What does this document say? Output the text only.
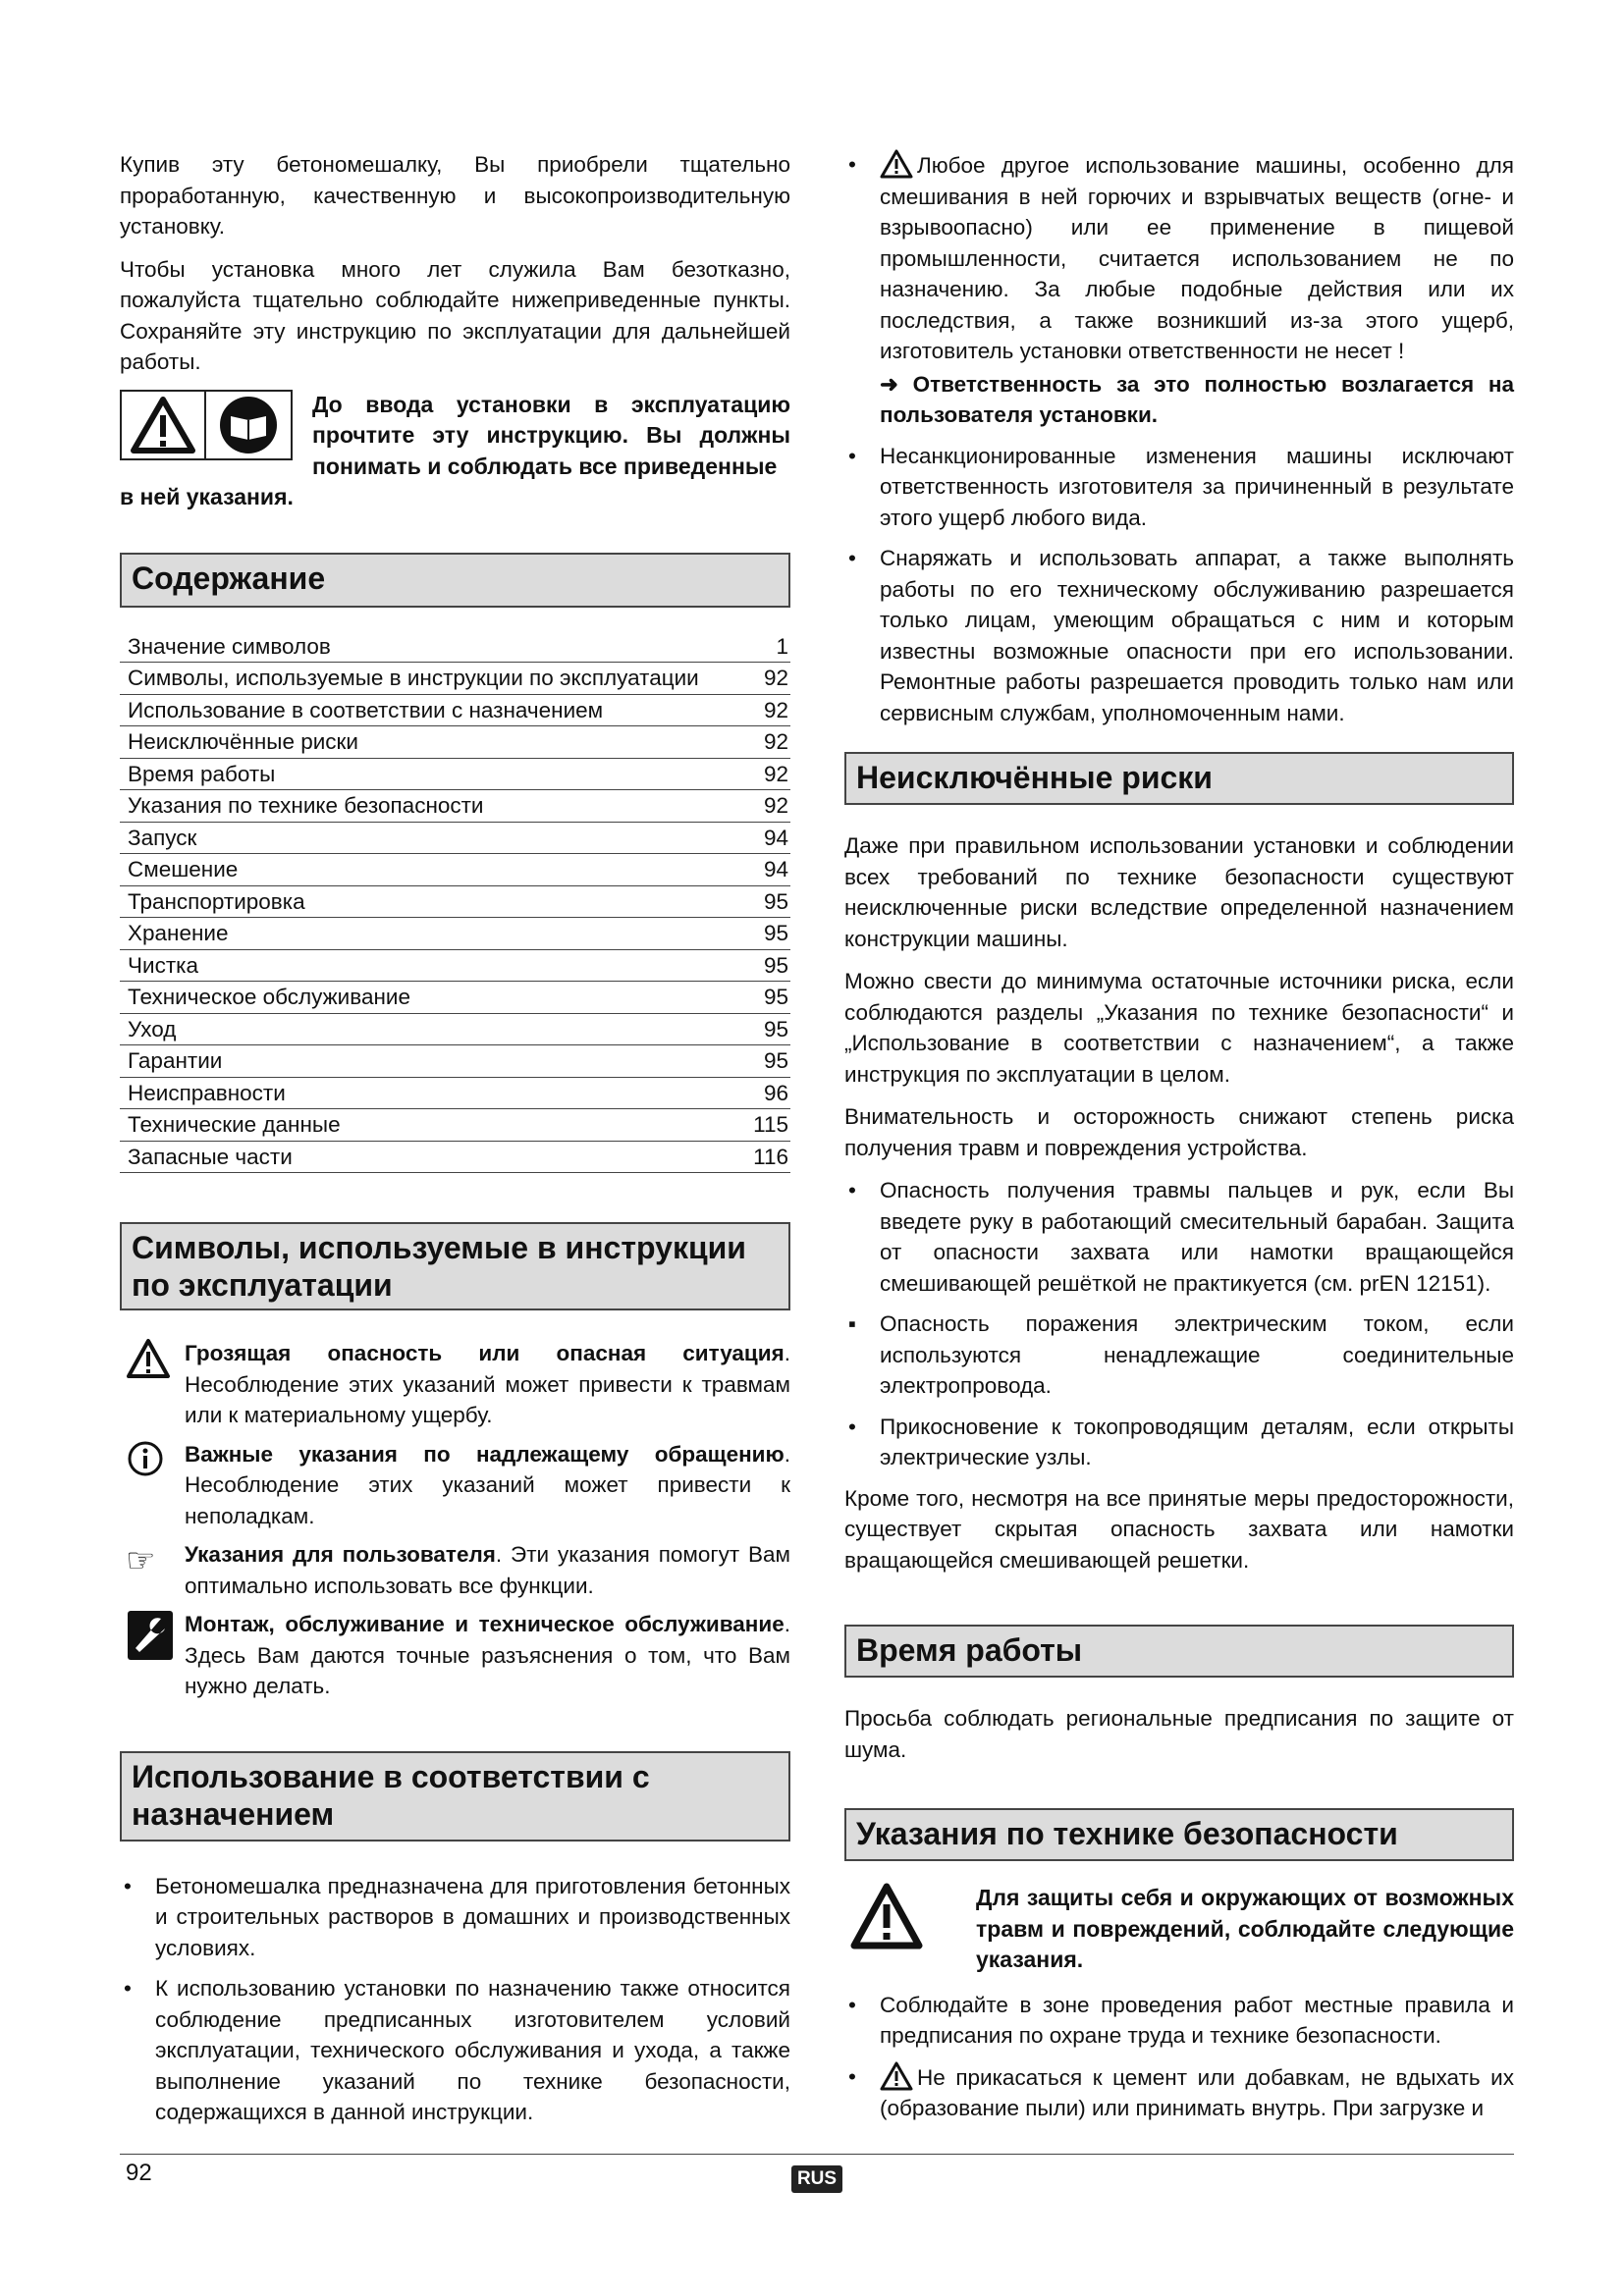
Купив эту бетономешалку, Вы приобрели тщательно проработанную, качественную и высокопроизводительную установку.

Чтобы установка много лет служила Вам безотказно, пожалуйста тщательно соблюдайте нижеприведенные пункты. Сохраняйте эту инструкцию по эксплуатации для дальнейшей работы.

До ввода установки в эксплуатацию прочтите эту инструкцию. Вы должны понимать и соблюдать все приведенные

в ней указания.

Содержание
Значение символов	1
Символы, используемые в инструкции по эксплуатации	92
Использование в соответствии с назначением	92
Неисключённые риски	92
Время работы	92
Указания по технике безопасности	92
Запуск	94
Смешение	94
Транспортировка	95
Хранение	95
Чистка	95
Техническое обслуживание	95
Уход	95
Гарантии	95
Неисправности	96
Технические данные	115
Запасные части	116
Символы, используемые в инструкции по эксплуатации

Грозящая опасность или опасная ситуация. Несоблюдение этих указаний может привести к травмам или к материальному ущербу.

Важные указания по надлежащему обращению. Несоблюдение этих указаний может привести к неполадкам.

☞	Указания для пользователя. Эти указания помогут Вам оптимально использовать все функции.

Монтаж, обслуживание и техническое обслуживание. Здесь Вам даются точные разъяснения о том, что Вам нужно делать.

Использование в соответствии с назначением
• Бетономешалка предназначена для приготовления бетонных и строительных растворов в домашних и производственных условиях.
• К использованию установки по назначению также относится соблюдение предписанных изготовителем условий эксплуатации, технического обслуживания и ухода, а также выполнение указаний по технике безопасности, содержащихся в данной инструкции.
•	Любое другое использование машины, особенно для смешивания в ней горючих и взрывчатых веществ (огне- и взрывоопасно) или ее применение в пищевой промышленности, считается использованием не по назначению. За любые подобные действия или их последствия, а также возникший из-за этого ущерб, изготовитель установки ответственности не несет !
➜ Ответственность за это полностью возлагается на пользователя установки.
• Несанкционированные изменения машины исключают ответственность изготовителя за причиненный в результате этого ущерб любого вида.
• Снаряжать и использовать аппарат, а также выполнять работы по его техническому обслуживанию разрешается только лицам, умеющим обращаться с ним и которым известны возможные опасности при его использовании. Ремонтные работы разрешается проводить только нам или сервисным службам, уполномоченным нами.
Неисключённые риски

Даже при правильном использовании установки и соблюдении всех требований по технике безопасности существуют неисключенные риски вследствие определенной назначением конструкции машины.

Можно свести до минимума остаточные источники риска, если соблюдаются разделы „Указания по технике безопасности“ и „Использование в соответствии с назначением“, а также инструкция по эксплуатации в целом.

Внимательность и осторожность снижают степень риска получения травм и повреждения устройства.

• Опасность получения травмы пальцев и рук, если Вы введете руку в работающий смесительный барабан. Защита от опасности захвата или намотки вращающейся смешивающей решёткой не практикуется (см. prEN 12151).
▪ Опасность поражения электрическим током, если используются ненадлежащие соединительные электропровода.
• Прикосновение к токопроводящим деталям, если открыты электрические узлы.

Кроме того, несмотря на все принятые меры предосторожности, существует скрытая опасность захвата или намотки вращающейся смешивающей решетки.

Время работы

Просьба соблюдать региональные предписания по защите от шума.

Указания по технике безопасности

Для защиты себя и окружающих от возможных травм и повреждений, соблюдайте следующие указания.

• Соблюдайте в зоне проведения работ местные правила и предписания по охране труда и технике безопасности.
•	Не прикасаться к цемент или добавкам, не вдыхать их (образование пыли) или принимать внутрь. При загрузке и
92	RUS
